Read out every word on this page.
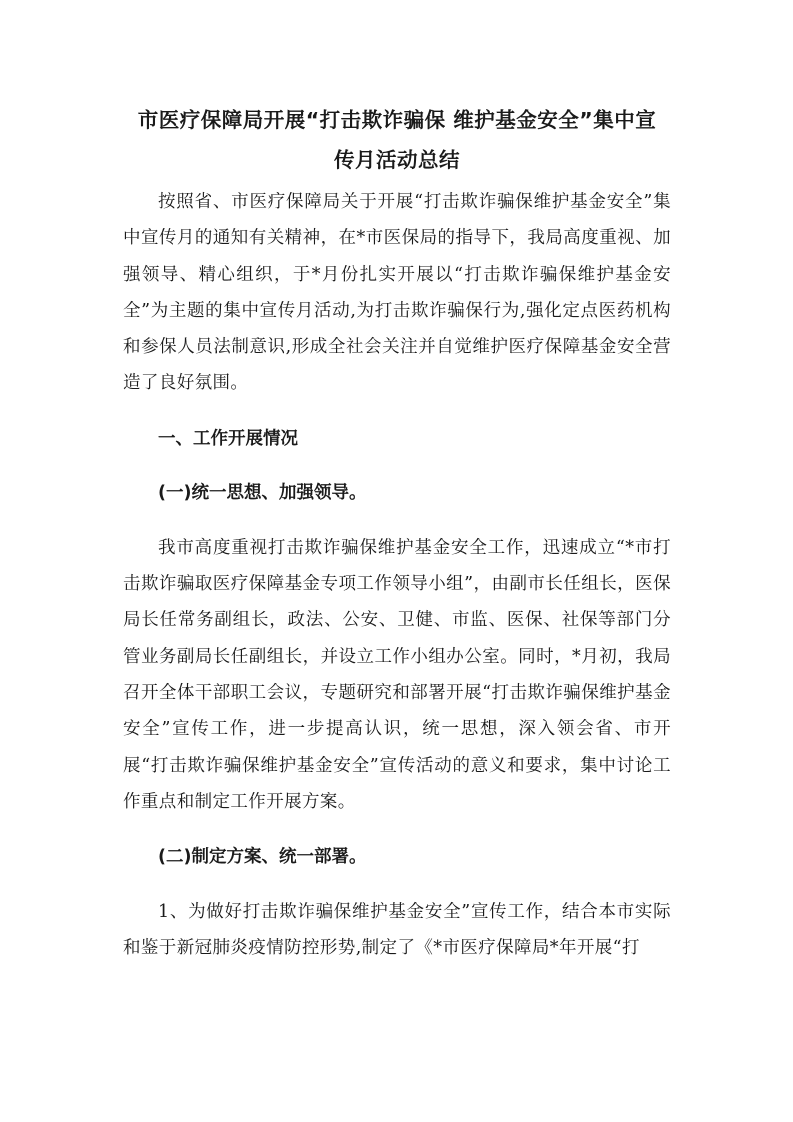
市医疗保障局开展“打击欺诈骗保 维护基金安全”集中宣

传月活动总结

按照省、市医疗保障局关于开展“打击欺诈骗保维护基金安全”集中宣传月的通知有关精神，在*市医保局的指导下，我局高度重视、加强领导、精心组织，于*月份扎实开展以“打击欺诈骗保维护基金安全”为主题的集中宣传月活动,为打击欺诈骗保行为,强化定点医药机构和参保人员法制意识,形成全社会关注并自觉维护医疗保障基金安全营造了良好氛围。

一、工作开展情况

(一)统一思想、加强领导。

我市高度重视打击欺诈骗保维护基金安全工作，迅速成立“*市打击欺诈骗取医疗保障基金专项工作领导小组”，由副市长任组长，医保局长任常务副组长，政法、公安、卫健、市监、医保、社保等部门分管业务副局长任副组长，并设立工作小组办公室。同时，*月初，我局召开全体干部职工会议，专题研究和部署开展“打击欺诈骗保维护基金安全”宣传工作，进一步提高认识，统一思想，深入领会省、市开展“打击欺诈骗保维护基金安全”宣传活动的意义和要求，集中讨论工作重点和制定工作开展方案。

(二)制定方案、统一部署。

1、为做好打击欺诈骗保维护基金安全”宣传工作，结合本市实际和鉴于新冠肺炎疫情防控形势,制定了《*市医疗保障局*年开展“打
